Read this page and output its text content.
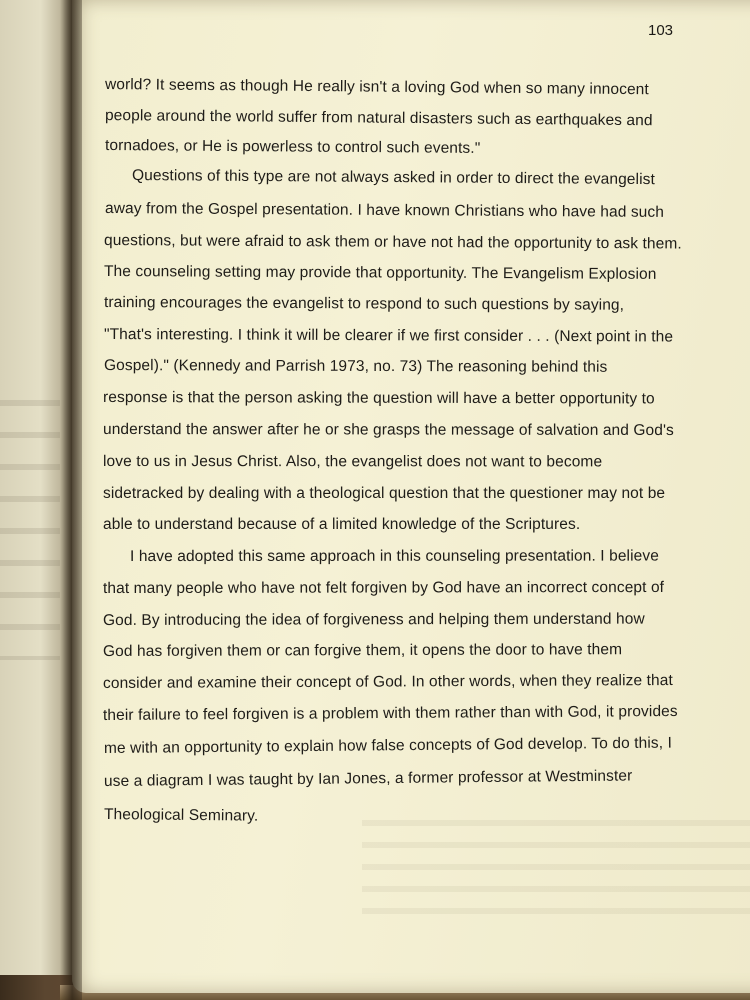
103
world? It seems as though He really isn't a loving God when so many innocent
people around the world suffer from natural disasters such as earthquakes and
tornadoes, or He is powerless to control such events."
Questions of this type are not always asked in order to direct the evangelist
away from the Gospel presentation. I have known Christians who have had such
questions, but were afraid to ask them or have not had the opportunity to ask them.
The counseling setting may provide that opportunity. The Evangelism Explosion
training encourages the evangelist to respond to such questions by saying,
"That's interesting. I think it will be clearer if we first consider . . . (Next point in the
Gospel)." (Kennedy and Parrish 1973, no. 73) The reasoning behind this
response is that the person asking the question will have a better opportunity to
understand the answer after he or she grasps the message of salvation and God's
love to us in Jesus Christ. Also, the evangelist does not want to become
sidetracked by dealing with a theological question that the questioner may not be
able to understand because of a limited knowledge of the Scriptures.
I have adopted this same approach in this counseling presentation. I believe
that many people who have not felt forgiven by God have an incorrect concept of
God. By introducing the idea of forgiveness and helping them understand how
God has forgiven them or can forgive them, it opens the door to have them
consider and examine their concept of God. In other words, when they realize that
their failure to feel forgiven is a problem with them rather than with God, it provides
me with an opportunity to explain how false concepts of God develop. To do this, I
use a diagram I was taught by Ian Jones, a former professor at Westminster
Theological Seminary.
